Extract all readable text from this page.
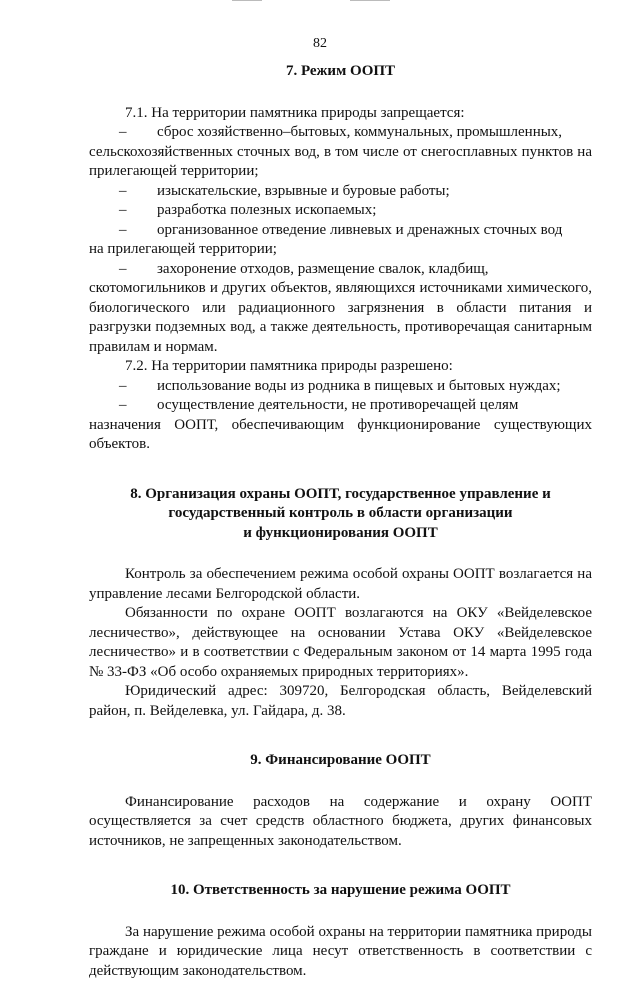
82
7. Режим ООПТ

7.1. На территории памятника природы запрещается:

–	сброс хозяйственно–бытовых, коммунальных, промышленных,

сельскохозяйственных сточных вод, в том числе от снегосплавных пунктов на прилегающей территории;

–	изыскательские, взрывные и буровые работы;
–	разработка полезных ископаемых;
–	организованное отведение ливневых и дренажных сточных вод

на прилегающей территории;

–	захоронение отходов, размещение свалок, кладбищ,

скотомогильников и других объектов, являющихся источниками химического, биологического или радиационного загрязнения в области питания и разгрузки подземных вод, а также деятельность, противоречащая санитарным правилам и нормам.

7.2. На территории памятника природы разрешено:

–	использование воды из родника в пищевых и бытовых нуждах;
–	осуществление деятельности, не противоречащей целям

назначения ООПТ, обеспечивающим функционирование существующих объектов.

8. Организация охраны ООПТ, государственное управление и
государственный контроль в области организации
и функционирования ООПТ

Контроль за обеспечением режима особой охраны ООПТ возлагается на управление лесами Белгородской области.

Обязанности по охране ООПТ возлагаются на ОКУ «Вейделевское лесничество», действующее на основании Устава ОКУ «Вейделевское лесничество» и в соответствии с Федеральным законом от 14 марта 1995 года № 33-ФЗ «Об особо охраняемых природных территориях».

Юридический адрес: 309720, Белгородская область, Вейделевский район, п. Вейделевка, ул. Гайдара, д. 38.

9. Финансирование ООПТ

Финансирование расходов на содержание и охрану ООПТ осуществляется за счет средств областного бюджета, других финансовых источников, не запрещенных законодательством.

10. Ответственность за нарушение режима ООПТ

За нарушение режима особой охраны на территории памятника природы граждане и юридические лица несут ответственность в соответствии с действующим законодательством.
